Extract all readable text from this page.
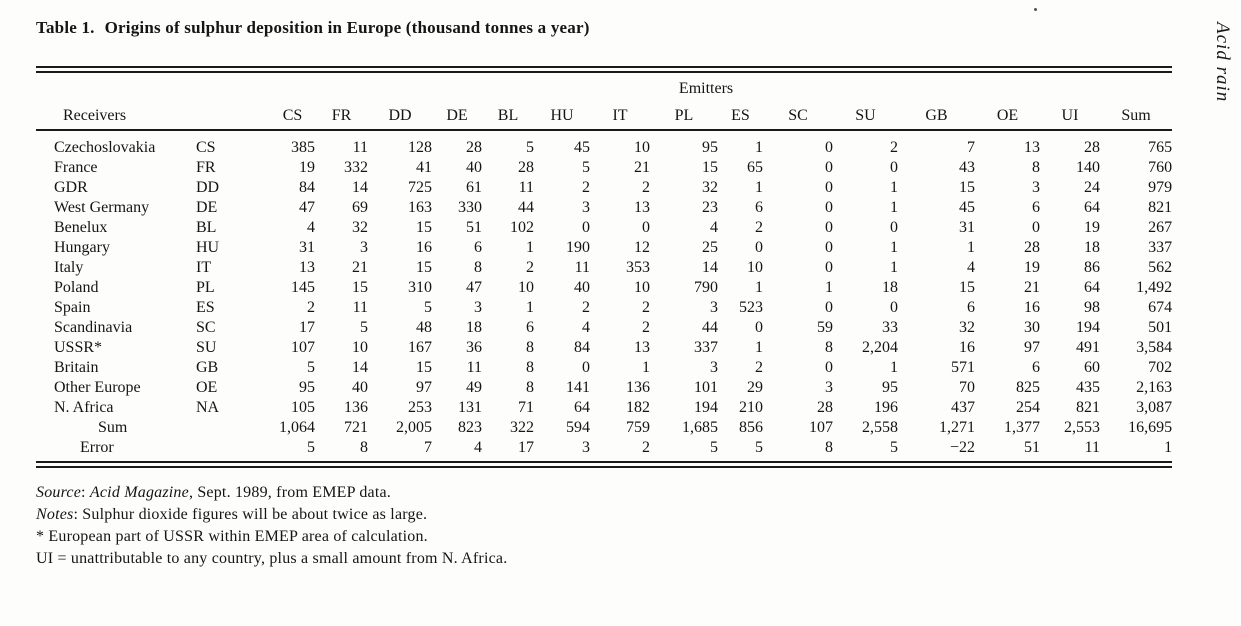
Table 1. Origins of sulphur deposition in Europe (thousand tonnes a year)
		Emitters														
Receivers		CS	FR	DD	DE	BL	HU	IT	PL	ES	SC	SU	GB	OE	UI	Sum
Czechoslovakia	CS	385	11	128	28	5	45	10	95	1	0	2	7	13	28	765
France	FR	19	332	41	40	28	5	21	15	65	0	0	43	8	140	760
GDR	DD	84	14	725	61	11	2	2	32	1	0	1	15	3	24	979
West Germany	DE	47	69	163	330	44	3	13	23	6	0	1	45	6	64	821
Benelux	BL	4	32	15	51	102	0	0	4	2	0	0	31	0	19	267
Hungary	HU	31	3	16	6	1	190	12	25	0	0	1	1	28	18	337
Italy	IT	13	21	15	8	2	11	353	14	10	0	1	4	19	86	562
Poland	PL	145	15	310	47	10	40	10	790	1	1	18	15	21	64	1,492
Spain	ES	2	11	5	3	1	2	2	3	523	0	0	6	16	98	674
Scandinavia	SC	17	5	48	18	6	4	2	44	0	59	33	32	30	194	501
USSR*	SU	107	10	167	36	8	84	13	337	1	8	2,204	16	97	491	3,584
Britain	GB	5	14	15	11	8	0	1	3	2	0	1	571	6	60	702
Other Europe	OE	95	40	97	49	8	141	136	101	29	3	95	70	825	435	2,163
N. Africa	NA	105	136	253	131	71	64	182	194	210	28	196	437	254	821	3,087
Sum		1,064	721	2,005	823	322	594	759	1,685	856	107	2,558	1,271	1,377	2,553	16,695
Error		5	8	7	4	17	3	2	5	5	8	5	−22	51	11	1
Source: Acid Magazine, Sept. 1989, from EMEP data.
Notes: Sulphur dioxide figures will be about twice as large.
* European part of USSR within EMEP area of calculation.
UI = unattributable to any country, plus a small amount from N. Africa.
Acid rain
